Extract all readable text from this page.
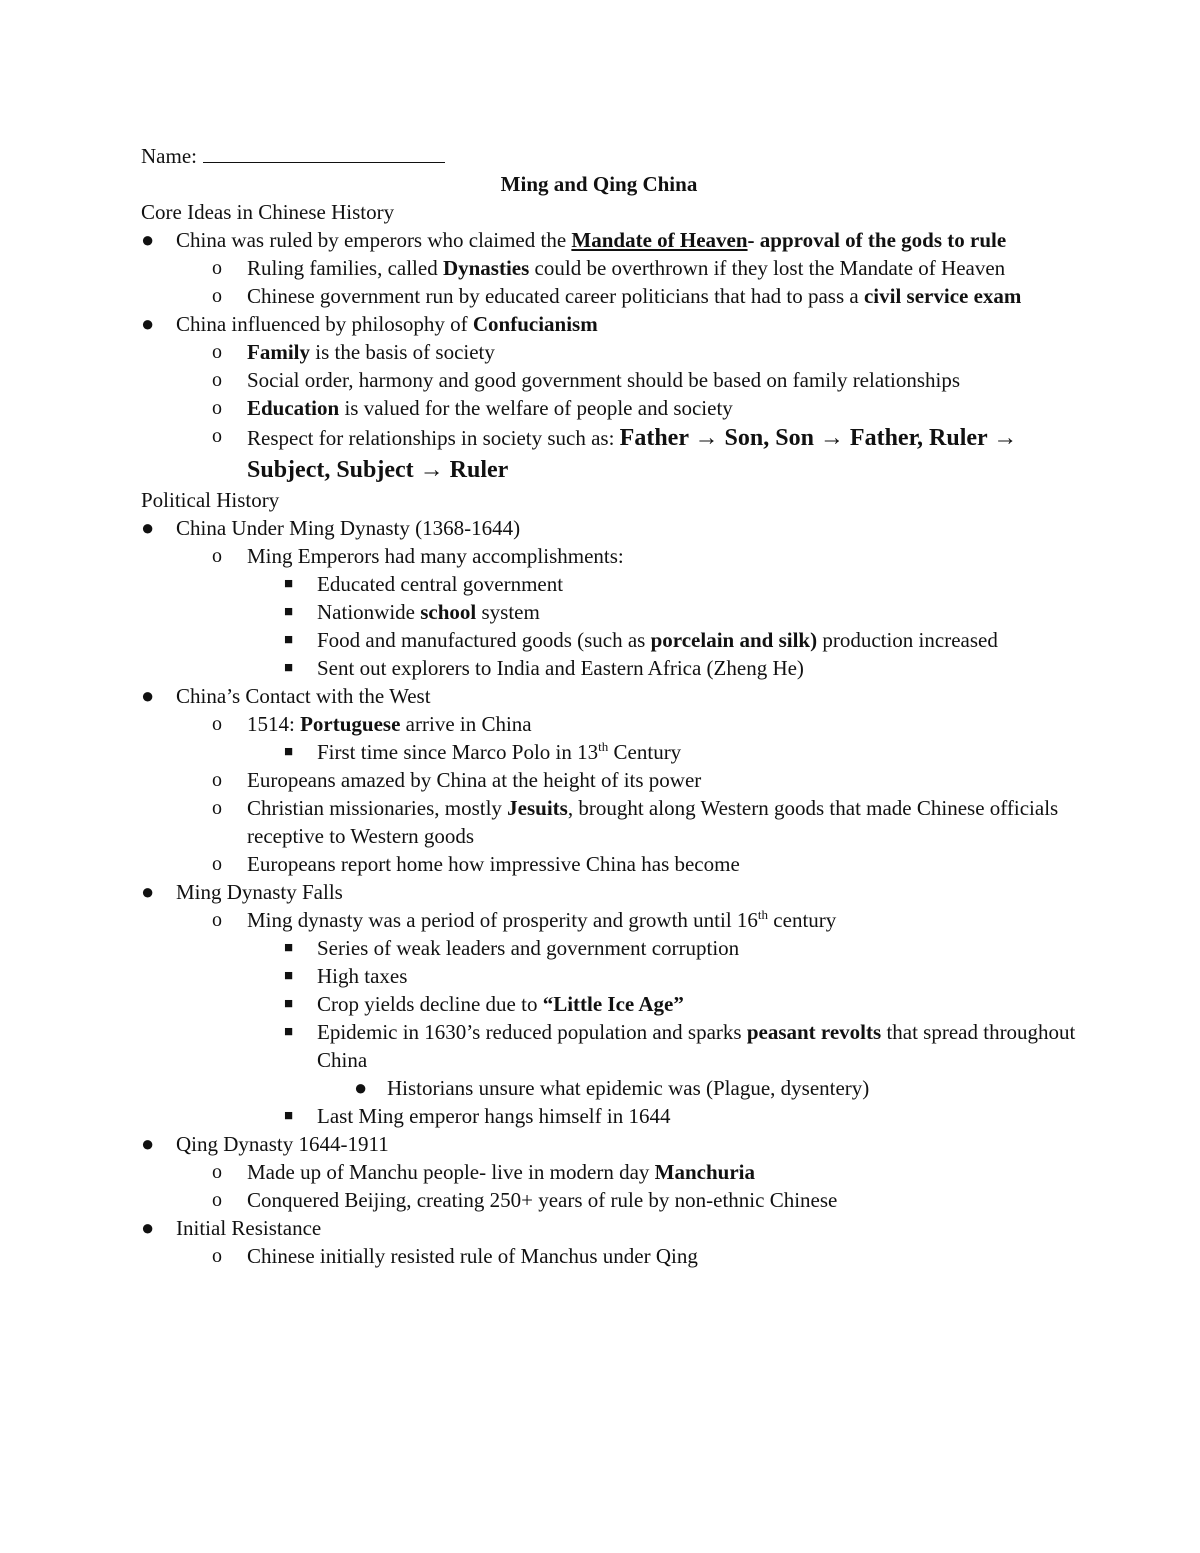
Name:
Ming and Qing China
Core Ideas in Chinese History
● China was ruled by emperors who claimed the Mandate of Heaven- approval of the gods to rule
o Ruling families, called Dynasties could be overthrown if they lost the Mandate of Heaven
o Chinese government run by educated career politicians that had to pass a civil service exam
● China influenced by philosophy of Confucianism
o Family is the basis of society
o Social order, harmony and good government should be based on family relationships
o Education is valued for the welfare of people and society
o Respect for relationships in society such as: Father → Son, Son → Father, Ruler → Subject, Subject → Ruler
Political History
● China Under Ming Dynasty (1368-1644)
o Ming Emperors had many accomplishments:
■ Educated central government
■ Nationwide school system
■ Food and manufactured goods (such as porcelain and silk) production increased
■ Sent out explorers to India and Eastern Africa (Zheng He)
● China’s Contact with the West
o 1514: Portuguese arrive in China
■ First time since Marco Polo in 13th Century
o Europeans amazed by China at the height of its power
o Christian missionaries, mostly Jesuits, brought along Western goods that made Chinese officials receptive to Western goods
o Europeans report home how impressive China has become
● Ming Dynasty Falls
o Ming dynasty was a period of prosperity and growth until 16th century
■ Series of weak leaders and government corruption
■ High taxes
■ Crop yields decline due to “Little Ice Age”
■ Epidemic in 1630’s reduced population and sparks peasant revolts that spread throughout China
● Historians unsure what epidemic was (Plague, dysentery)
■ Last Ming emperor hangs himself in 1644
● Qing Dynasty 1644-1911
o Made up of Manchu people- live in modern day Manchuria
o Conquered Beijing, creating 250+ years of rule by non-ethnic Chinese
● Initial Resistance
o Chinese initially resisted rule of Manchus under Qing
